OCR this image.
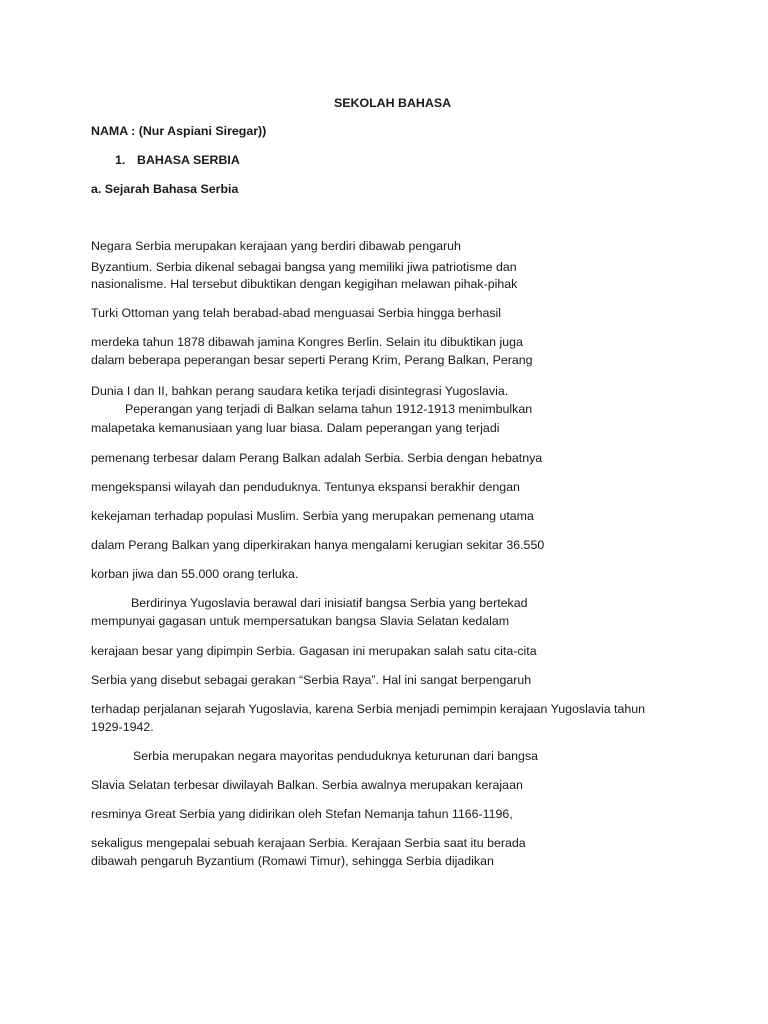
SEKOLAH BAHASA
NAMA : (Nur Aspiani Siregar))
1. BAHASA SERBIA
a. Sejarah Bahasa Serbia
Negara Serbia merupakan kerajaan yang berdiri dibawab pengaruh
Byzantium. Serbia dikenal sebagai bangsa yang memiliki jiwa patriotisme dan
nasionalisme. Hal tersebut dibuktikan dengan kegigihan melawan pihak-pihak
Turki Ottoman yang telah berabad-abad menguasai Serbia hingga berhasil
merdeka tahun 1878 dibawah jamina Kongres Berlin. Selain itu dibuktikan juga
dalam beberapa peperangan besar seperti Perang Krim, Perang Balkan, Perang
Dunia I dan II, bahkan perang saudara ketika terjadi disintegrasi Yugoslavia.
Peperangan yang terjadi di Balkan selama tahun 1912-1913 menimbulkan
malapetaka kemanusiaan yang luar biasa. Dalam peperangan yang terjadi
pemenang terbesar dalam Perang Balkan adalah Serbia. Serbia dengan hebatnya
mengekspansi wilayah dan penduduknya. Tentunya ekspansi berakhir dengan
kekejaman terhadap populasi Muslim. Serbia yang merupakan pemenang utama
dalam Perang Balkan yang diperkirakan hanya mengalami kerugian sekitar 36.550
korban jiwa dan 55.000 orang terluka.
Berdirinya Yugoslavia berawal dari inisiatif bangsa Serbia yang bertekad
mempunyai gagasan untuk mempersatukan bangsa Slavia Selatan kedalam
kerajaan besar yang dipimpin Serbia. Gagasan ini merupakan salah satu cita-cita
Serbia yang disebut sebagai gerakan “Serbia Raya”. Hal ini sangat berpengaruh
terhadap perjalanan sejarah Yugoslavia, karena Serbia menjadi pemimpin kerajaan Yugoslavia tahun
1929-1942.
Serbia merupakan negara mayoritas penduduknya keturunan dari bangsa
Slavia Selatan terbesar diwilayah Balkan. Serbia awalnya merupakan kerajaan
resminya Great Serbia yang didirikan oleh Stefan Nemanja tahun 1166-1196,
sekaligus mengepalai sebuah kerajaan Serbia. Kerajaan Serbia saat itu berada
dibawah pengaruh Byzantium (Romawi Timur), sehingga Serbia dijadikan
